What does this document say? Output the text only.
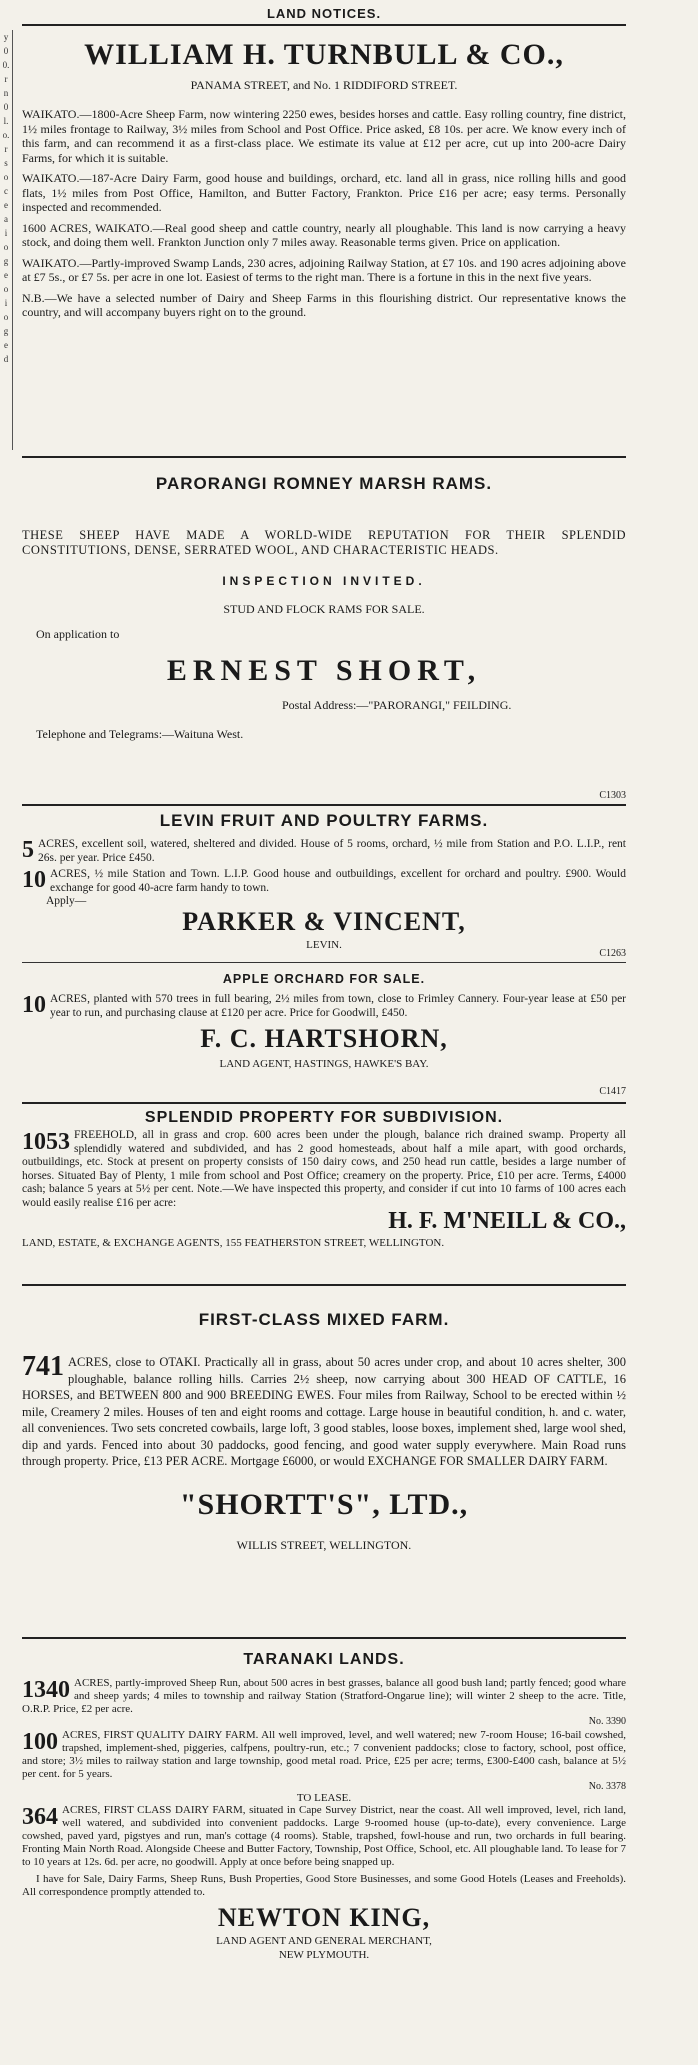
y
0
0.
r
n
0
l.
o.
r
s
o
c
e
a
i
o
g
e
o
i
o
g
e
d
LAND NOTICES.
WILLIAM H. TURNBULL & CO.,
PANAMA STREET, and No. 1 RIDDIFORD STREET.

WAIKATO.—1800-Acre Sheep Farm, now wintering 2250 ewes, besides horses and cattle. Easy rolling country, fine district, 1½ miles frontage to Railway, 3½ miles from School and Post Office. Price asked, £8 10s. per acre. We know every inch of this farm, and can recommend it as a first-class place. We estimate its value at £12 per acre, cut up into 200-acre Dairy Farms, for which it is suitable.

WAIKATO.—187-Acre Dairy Farm, good house and buildings, orchard, etc. land all in grass, nice rolling hills and good flats, 1½ miles from Post Office, Hamilton, and Butter Factory, Frankton. Price £16 per acre; easy terms. Personally inspected and recommended.

1600 ACRES, WAIKATO.—Real good sheep and cattle country, nearly all ploughable. This land is now carrying a heavy stock, and doing them well. Frankton Junction only 7 miles away. Reasonable terms given. Price on application.

WAIKATO.—Partly-improved Swamp Lands, 230 acres, adjoining Railway Station, at £7 10s. and 190 acres adjoining above at £7 5s., or £7 5s. per acre in one lot. Easiest of terms to the right man. There is a fortune in this in the next five years.

N.B.—We have a selected number of Dairy and Sheep Farms in this flourishing district. Our representative knows the country, and will accompany buyers right on to the ground.

PARORANGI ROMNEY MARSH RAMS.

THESE SHEEP HAVE MADE A WORLD-WIDE REPUTATION FOR THEIR SPLENDID CONSTITUTIONS, DENSE, SERRATED WOOL, AND CHARACTERISTIC HEADS.

INSPECTION INVITED.
STUD AND FLOCK RAMS FOR SALE.
On application to
ERNEST SHORT,
Postal Address:—"PARORANGI," FEILDING.
Telephone and Telegrams:—Waituna West.
C1303
LEVIN FRUIT AND POULTRY FARMS.
5 ACRES, excellent soil, watered, sheltered and divided. House of 5 rooms, orchard, ½ mile from Station and P.O. L.I.P., rent 26s. per year. Price £450.

10 ACRES, ½ mile Station and Town. L.I.P. Good house and outbuildings, excellent for orchard and poultry. £900. Would exchange for good 40-acre farm handy to town.

Apply—
PARKER & VINCENT,
LEVIN.
C1263
APPLE ORCHARD FOR SALE.
10 ACRES, planted with 570 trees in full bearing, 2½ miles from town, close to Frimley Cannery. Four-year lease at £50 per year to run, and purchasing clause at £120 per acre. Price for Goodwill, £450.

F. C. HARTSHORN,
LAND AGENT, HASTINGS, HAWKE'S BAY.
C1417
SPLENDID PROPERTY FOR SUBDIVISION.
1053 FREEHOLD, all in grass and crop. 600 acres been under the plough, balance rich drained swamp. Property all splendidly watered and subdivided, and has 2 good homesteads, about half a mile apart, with good orchards, outbuildings, etc. Stock at present on property consists of 150 dairy cows, and 250 head run cattle, besides a large number of horses. Situated Bay of Plenty, 1 mile from school and Post Office; creamery on the property. Price, £10 per acre. Terms, £4000 cash; balance 5 years at 5½ per cent. Note.—We have inspected this property, and consider if cut into 10 farms of 100 acres each would easily realise £16 per acre:

H. F. M'NEILL & CO.,
LAND, ESTATE, & EXCHANGE AGENTS, 155 FEATHERSTON STREET, WELLINGTON.
FIRST-CLASS MIXED FARM.
741 ACRES, close to OTAKI. Practically all in grass, about 50 acres under crop, and about 10 acres shelter, 300 ploughable, balance rolling hills. Carries 2½ sheep, now carrying about 300 HEAD OF CATTLE, 16 HORSES, and BETWEEN 800 and 900 BREEDING EWES. Four miles from Railway, School to be erected within ½ mile, Creamery 2 miles. Houses of ten and eight rooms and cottage. Large house in beautiful condition, h. and c. water, all conveniences. Two sets concreted cowbails, large loft, 3 good stables, loose boxes, implement shed, large wool shed, dip and yards. Fenced into about 30 paddocks, good fencing, and good water supply everywhere. Main Road runs through property. Price, £13 PER ACRE. Mortgage £6000, or would EXCHANGE FOR SMALLER DAIRY FARM.

"SHORTT'S", LTD.,
WILLIS STREET, WELLINGTON.
TARANAKI LANDS.
1340 ACRES, partly-improved Sheep Run, about 500 acres in best grasses, balance all good bush land; partly fenced; good whare and sheep yards; 4 miles to township and railway Station (Stratford-Ongarue line); will winter 2 sheep to the acre. Title, O.R.P. Price, £2 per acre.

No. 3390
100 ACRES, FIRST QUALITY DAIRY FARM. All well improved, level, and well watered; new 7-room House; 16-bail cowshed, trapshed, implement-shed, piggeries, calfpens, poultry-run, etc.; 7 convenient paddocks; close to factory, school, post office, and store; 3½ miles to railway station and large township, good metal road. Price, £25 per acre; terms, £300-£400 cash, balance at 5½ per cent. for 5 years.

No. 3378
TO LEASE.
364 ACRES, FIRST CLASS DAIRY FARM, situated in Cape Survey District, near the coast. All well improved, level, rich land, well watered, and subdivided into convenient paddocks. Large 9-roomed house (up-to-date), every convenience. Large cowshed, paved yard, pigstyes and run, man's cottage (4 rooms). Stable, trapshed, fowl-house and run, two orchards in full bearing. Fronting Main North Road. Alongside Cheese and Butter Factory, Township, Post Office, School, etc. All ploughable land. To lease for 7 to 10 years at 12s. 6d. per acre, no goodwill. Apply at once before being snapped up.

I have for Sale, Dairy Farms, Sheep Runs, Bush Properties, Good Store Businesses, and some Good Hotels (Leases and Freeholds). All correspondence promptly attended to.

NEWTON KING,
LAND AGENT AND GENERAL MERCHANT,
NEW PLYMOUTH.
